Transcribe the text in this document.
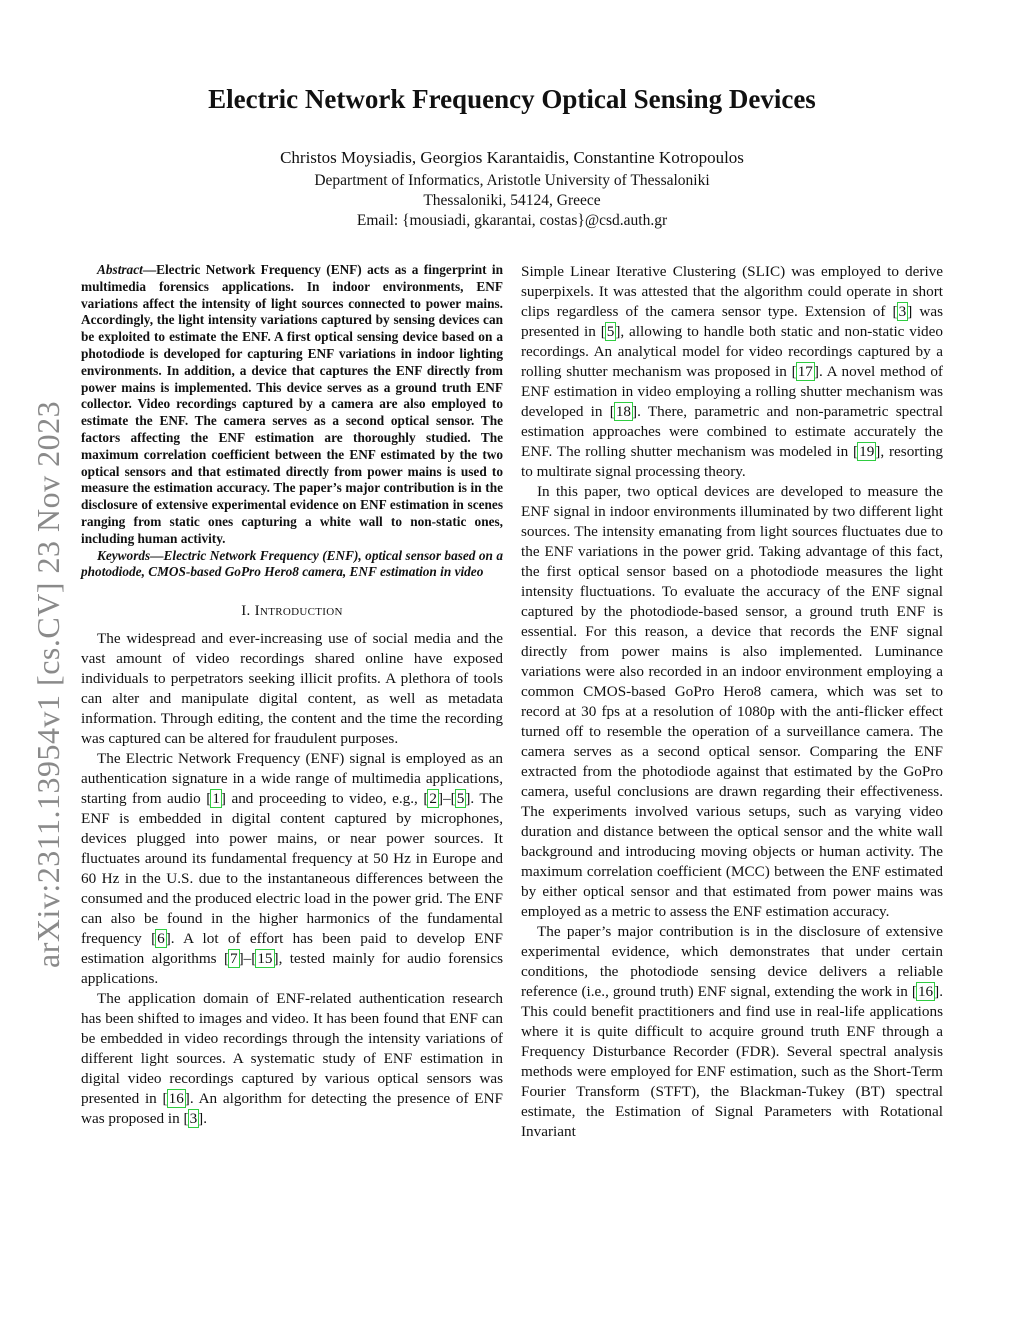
arXiv:2311.13954v1 [cs.CV] 23 Nov 2023
Electric Network Frequency Optical Sensing Devices
Christos Moysiadis, Georgios Karantaidis, Constantine Kotropoulos
Department of Informatics, Aristotle University of Thessaloniki
Thessaloniki, 54124, Greece
Email: {mousiadi, gkarantai, costas}@csd.auth.gr

Abstract—Electric Network Frequency (ENF) acts as a fingerprint in multimedia forensics applications. In indoor environments, ENF variations affect the intensity of light sources connected to power mains. Accordingly, the light intensity variations captured by sensing devices can be exploited to estimate the ENF. A first optical sensing device based on a photodiode is developed for capturing ENF variations in indoor lighting environments. In addition, a device that captures the ENF directly from power mains is implemented. This device serves as a ground truth ENF collector. Video recordings captured by a camera are also employed to estimate the ENF. The camera serves as a second optical sensor. The factors affecting the ENF estimation are thoroughly studied. The maximum correlation coefficient between the ENF estimated by the two optical sensors and that estimated directly from power mains is used to measure the estimation accuracy. The paper’s major contribution is in the disclosure of extensive experimental evidence on ENF estimation in scenes ranging from static ones capturing a white wall to non-static ones, including human activity.

Keywords—Electric Network Frequency (ENF), optical sensor based on a photodiode, CMOS-based GoPro Hero8 camera, ENF estimation in video

I. Introduction

The widespread and ever-increasing use of social media and the vast amount of video recordings shared online have exposed individuals to perpetrators seeking illicit profits. A plethora of tools can alter and manipulate digital content, as well as metadata information. Through editing, the content and the time the recording was captured can be altered for fraudulent purposes.

The Electric Network Frequency (ENF) signal is employed as an authentication signature in a wide range of multimedia applications, starting from audio [1] and proceeding to video, e.g., [2]–[5]. The ENF is embedded in digital content captured by microphones, devices plugged into power mains, or near power sources. It fluctuates around its fundamental frequency at 50 Hz in Europe and 60 Hz in the U.S. due to the instantaneous differences between the consumed and the produced electric load in the power grid. The ENF can also be found in the higher harmonics of the fundamental frequency [6]. A lot of effort has been paid to develop ENF estimation algorithms [7]–[15], tested mainly for audio forensics applications.

The application domain of ENF-related authentication research has been shifted to images and video. It has been found that ENF can be embedded in video recordings through the intensity variations of different light sources. A systematic study of ENF estimation in digital video recordings captured by various optical sensors was presented in [16]. An algorithm for detecting the presence of ENF was proposed in [3].

Simple Linear Iterative Clustering (SLIC) was employed to derive superpixels. It was attested that the algorithm could operate in short clips regardless of the camera sensor type. Extension of [3] was presented in [5], allowing to handle both static and non-static video recordings. An analytical model for video recordings captured by a rolling shutter mechanism was proposed in [17]. A novel method of ENF estimation in video employing a rolling shutter mechanism was developed in [18]. There, parametric and non-parametric spectral estimation approaches were combined to estimate accurately the ENF. The rolling shutter mechanism was modeled in [19], resorting to multirate signal processing theory.

In this paper, two optical devices are developed to measure the ENF signal in indoor environments illuminated by two different light sources. The intensity emanating from light sources fluctuates due to the ENF variations in the power grid. Taking advantage of this fact, the first optical sensor based on a photodiode measures the light intensity fluctuations. To evaluate the accuracy of the ENF signal captured by the photodiode-based sensor, a ground truth ENF is essential. For this reason, a device that records the ENF signal directly from power mains is also implemented. Luminance variations were also recorded in an indoor environment employing a common CMOS-based GoPro Hero8 camera, which was set to record at 30 fps at a resolution of 1080p with the anti-flicker effect turned off to resemble the operation of a surveillance camera. The camera serves as a second optical sensor. Comparing the ENF extracted from the photodiode against that estimated by the GoPro camera, useful conclusions are drawn regarding their effectiveness. The experiments involved various setups, such as varying video duration and distance between the optical sensor and the white wall background and introducing moving objects or human activity. The maximum correlation coefficient (MCC) between the ENF estimated by either optical sensor and that estimated from power mains was employed as a metric to assess the ENF estimation accuracy.

The paper’s major contribution is in the disclosure of extensive experimental evidence, which demonstrates that under certain conditions, the photodiode sensing device delivers a reliable reference (i.e., ground truth) ENF signal, extending the work in [16]. This could benefit practitioners and find use in real-life applications where it is quite difficult to acquire ground truth ENF through a Frequency Disturbance Recorder (FDR). Several spectral analysis methods were employed for ENF estimation, such as the Short-Term Fourier Transform (STFT), the Blackman-Tukey (BT) spectral estimate, the Estimation of Signal Parameters with Rotational Invariant
